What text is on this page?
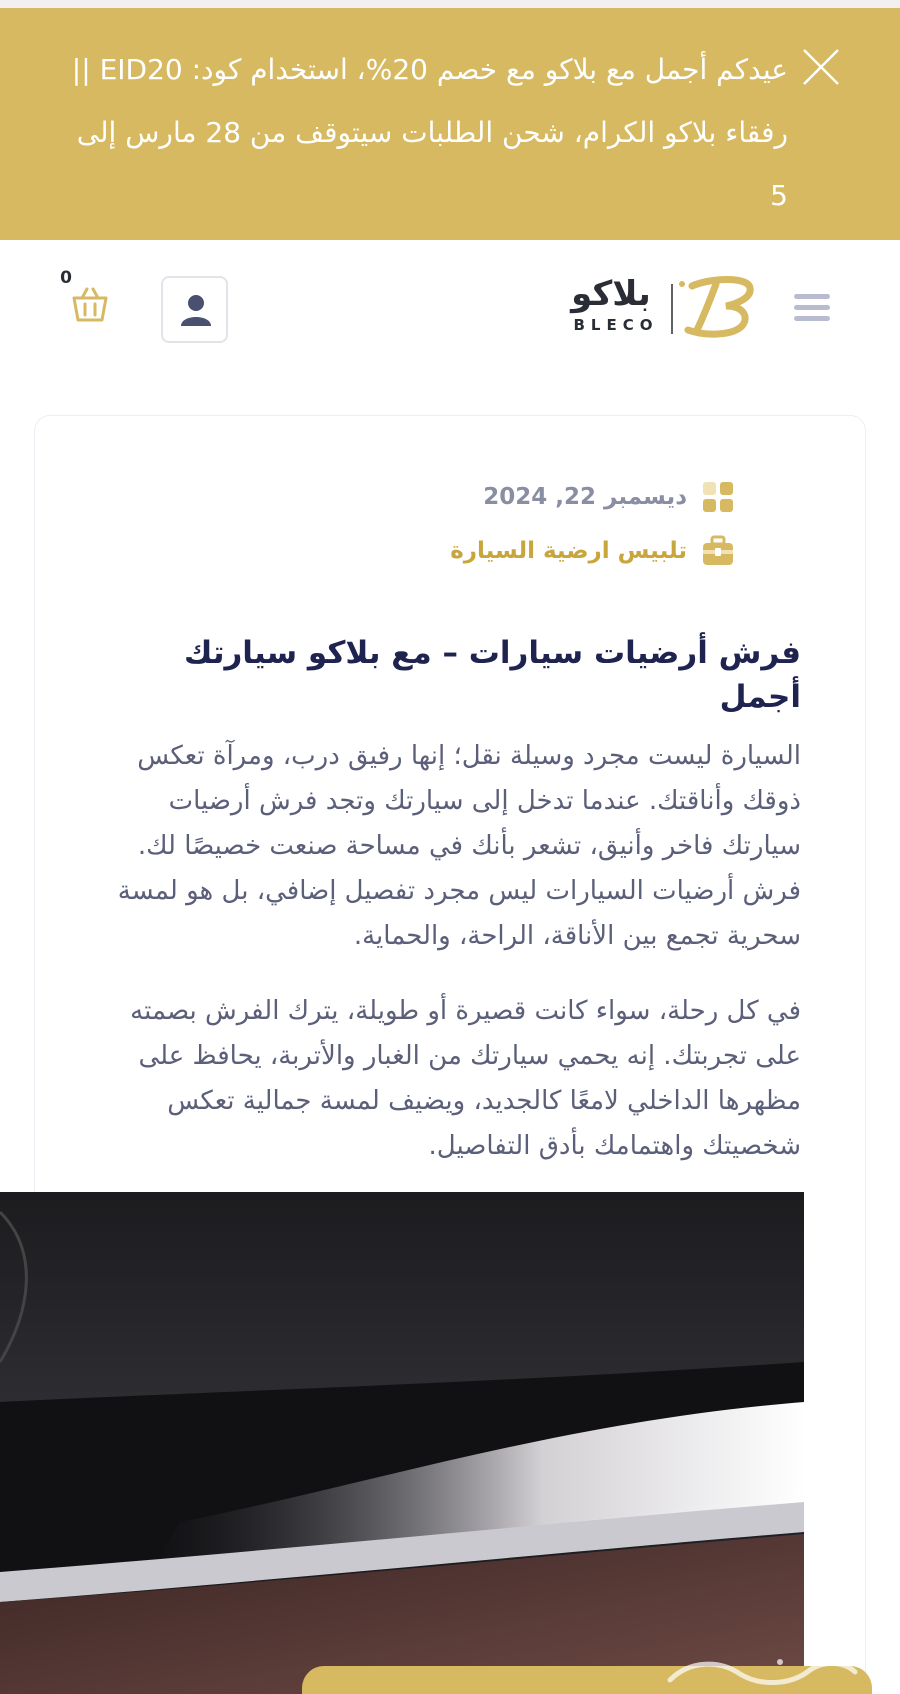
عيدكم أجمل مع بلاكو مع خصم 20%، استخدام كود: EID20 ||
رفقاء بلاكو الكرام، شحن الطلبات سيتوقف من 28 مارس إلى 5
بلاكو
BLECO
0
ديسمبر 22, 2024
تلبيس ارضية السيارة
فرش أرضيات سيارات – مع بلاكو سيارتك أجمل

السيارة ليست مجرد وسيلة نقل؛ إنها رفيق درب، ومرآة تعكس ذوقك وأناقتك. عندما تدخل إلى سيارتك وتجد فرش أرضيات سيارتك فاخر وأنيق، تشعر بأنك في مساحة صنعت خصيصًا لك. فرش أرضيات السيارات ليس مجرد تفصيل إضافي، بل هو لمسة سحرية تجمع بين الأناقة، الراحة، والحماية.

في كل رحلة، سواء كانت قصيرة أو طويلة، يترك الفرش بصمته على تجربتك. إنه يحمي سيارتك من الغبار والأتربة، يحافظ على مظهرها الداخلي لامعًا كالجديد، ويضيف لمسة جمالية تعكس شخصيتك واهتمامك بأدق التفاصيل.
